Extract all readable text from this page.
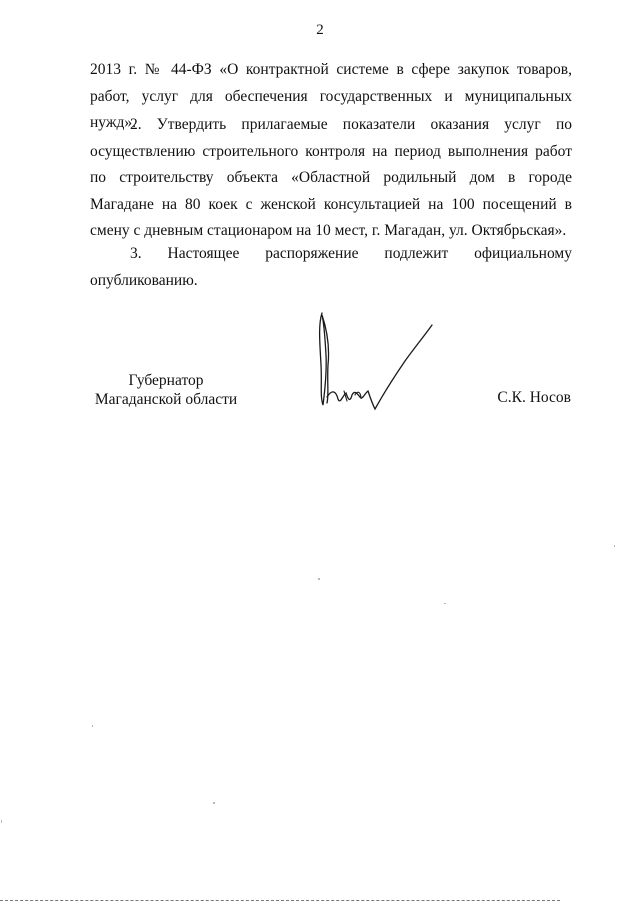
2

2013 г. № 44-ФЗ «О контрактной системе в сфере закупок товаров, работ, услуг для обеспечения государственных и муниципальных нужд».

2. Утвердить прилагаемые показатели оказания услуг по осуществлению строительного контроля на период выполнения работ по строительству объекта «Областной родильный дом в городе Магадане на 80 коек с женской консультацией на 100 посещений в смену с дневным стационаром на 10 мест, г. Магадан, ул. Октябрьская».

3. Настоящее распоряжение подлежит официальному опубликованию.

Губернатор
Магаданской области	С.К. Носов
